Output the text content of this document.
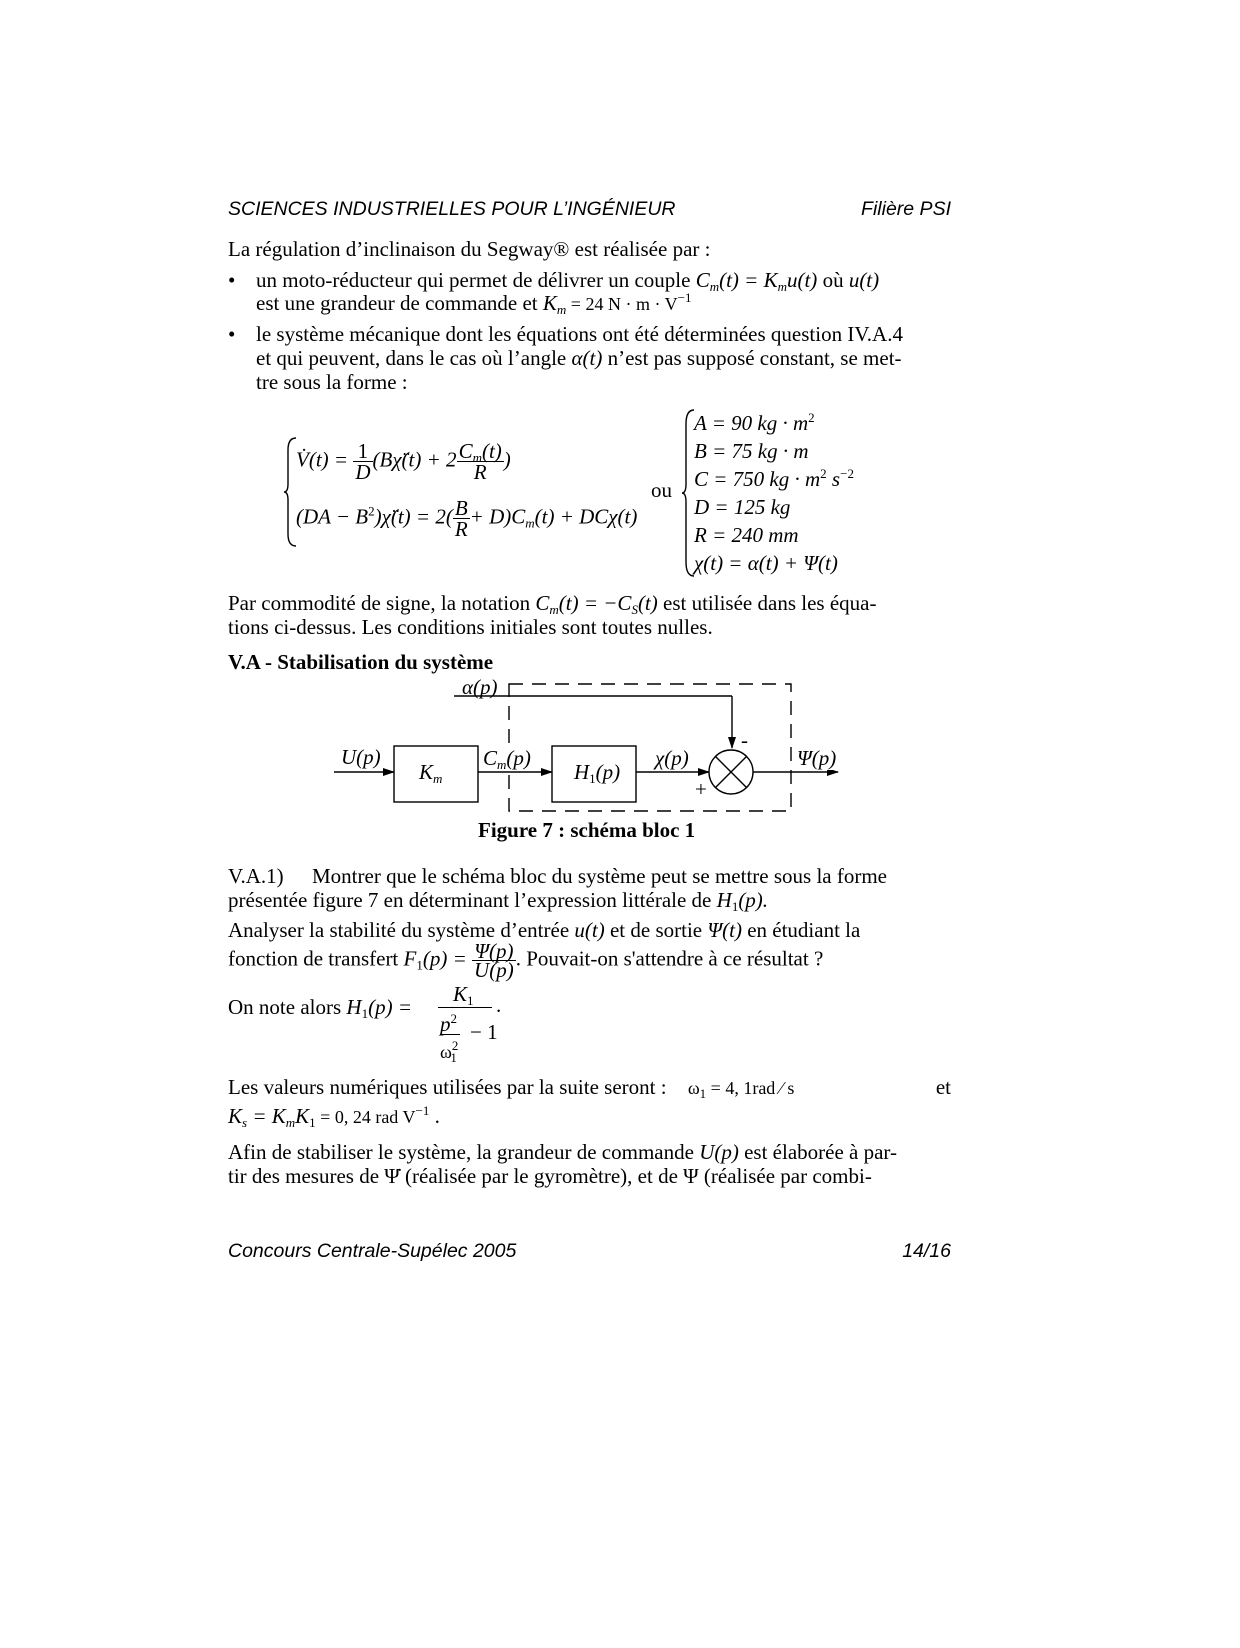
SCIENCES INDUSTRIELLES POUR L’INGÉNIEUR	Filière PSI
La régulation d’inclinaison du Segway® est réalisée par :
• un moto-réducteur qui permet de délivrer un couple $C_m(t) = K_mu(t)$ où u(t)
est une grandeur de commande et $K_m = 24$ $N \cdot m \cdot V^{-1}$
• le système mécanique dont les équations ont été déterminées question IV.A.4
et qui peuvent, dans le cas où l’angle α(t) n’est pas supposé constant, se met-
tre sous la forme :
V̇(t) = $\frac{1}{D}$ (Bχ̈(t) + $2 \frac{C_m(t)}{R}$ )
$(DA - B^2)\chï(t) = 2( \frac{B}{R} + D)C_m(t) + DC\chi(t)$
ou
A = 90 kg · $m^2$
B = 75 kg · m
C = 750 kg · $m^2$ $s^{-2}$
D = 125 kg
R = 240 mm
χ(t) = α(t) + Ψ(t)
Par commodité de signe, la notation $C_m(t) = -C_S(t)$ est utilisée dans les équa-
tions ci-dessus. Les conditions initiales sont toutes nulles.
V.A - Stabilisation du système
α(p)
U(p)
$K_m$
$C_m(p)$
$H_1(p)$
χ(p)
-
+
Ψ(p)
Figure 7 : schéma bloc 1
V.A.1) Montrer que le schéma bloc du système peut se mettre sous la forme
présentée figure 7 en déterminant l’expression littérale de $H_1(p)$.
Analyser la stabilité du système d’entrée u(t) et de sortie Ψ(t) en étudiant la
fonction de transfert $F_1(p) = \frac{\Psi(p)}{U(p)}$ . Pouvait-on s'attendre à ce résultat ?
On note alors $H_1(p)$ =
$K_1$ .
$p^2$
− 1
$\omega^2_1$
Les valeurs numériques utilisées par la suite seront : $\omega_1 = 4$, 1rad ⁄ s	et
$K_s = K_mK_1 = 0$, 24 rad $V^{-1}$ .
Afin de stabiliser le système, la grandeur de commande U(p) est élaborée à par-
tir des mesures de Ψ̇ (réalisée par le gyromètre), et de Ψ (réalisée par combi-
Concours Centrale-Supélec 2005	14/16
